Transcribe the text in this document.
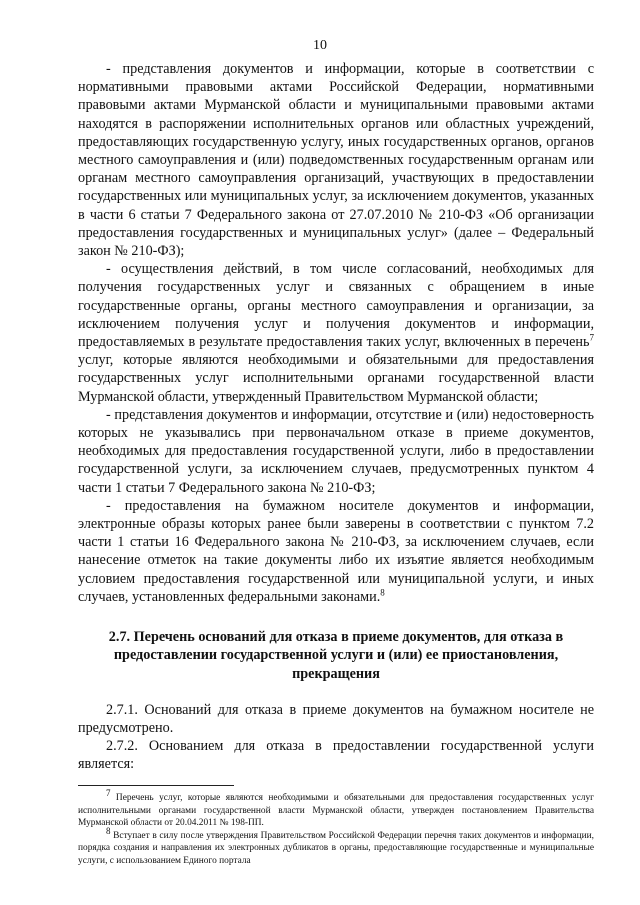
10

- представления документов и информации, которые в соответствии с нормативными правовыми актами Российской Федерации, нормативными правовыми актами Мурманской области и муниципальными правовыми актами находятся в распоряжении исполнительных органов или областных учреждений, предоставляющих государственную услугу, иных государственных органов, органов местного самоуправления и (или) подведомственных государственным органам или органам местного самоуправления организаций, участвующих в предоставлении государственных или муниципальных услуг, за исключением документов, указанных в части 6 статьи 7 Федерального закона от 27.07.2010 № 210-ФЗ «Об организации предоставления государственных и муниципальных услуг» (далее – Федеральный закон № 210-ФЗ);

- осуществления действий, в том числе согласований, необходимых для получения государственных услуг и связанных с обращением в иные государственные органы, органы местного самоуправления и организации, за исключением получения услуг и получения документов и информации, предоставляемых в результате предоставления таких услуг, включенных в перечень$^7$ услуг, которые являются необходимыми и обязательными для предоставления государственных услуг исполнительными органами государственной власти Мурманской области, утвержденный Правительством Мурманской области;

- представления документов и информации, отсутствие и (или) недостоверность которых не указывались при первоначальном отказе в приеме документов, необходимых для предоставления государственной услуги, либо в предоставлении государственной услуги, за исключением случаев, предусмотренных пунктом 4 части 1 статьи 7 Федерального закона № 210-ФЗ;

- предоставления на бумажном носителе документов и информации, электронные образы которых ранее были заверены в соответствии с пунктом 7.2 части 1 статьи 16 Федерального закона № 210-ФЗ, за исключением случаев, если нанесение отметок на такие документы либо их изъятие является необходимым условием предоставления государственной или муниципальной услуги, и иных случаев, установленных федеральными законами.$^8$

2.7. Перечень оснований для отказа в приеме документов, для отказа в предоставлении государственной услуги и (или) ее приостановления, прекращения

2.7.1. Оснований для отказа в приеме документов на бумажном носителе не предусмотрено.

2.7.2. Основанием для отказа в предоставлении государственной услуги является:

$^7$ Перечень услуг, которые являются необходимыми и обязательными для предоставления государственных услуг исполнительными органами государственной власти Мурманской области, утвержден постановлением Правительства Мурманской области от 20.04.2011 № 198-ПП.

$^8$ Вступает в силу после утверждения Правительством Российской Федерации перечня таких документов и информации, порядка создания и направления их электронных дубликатов в органы, предоставляющие государственные и муниципальные услуги, с использованием Единого портала
